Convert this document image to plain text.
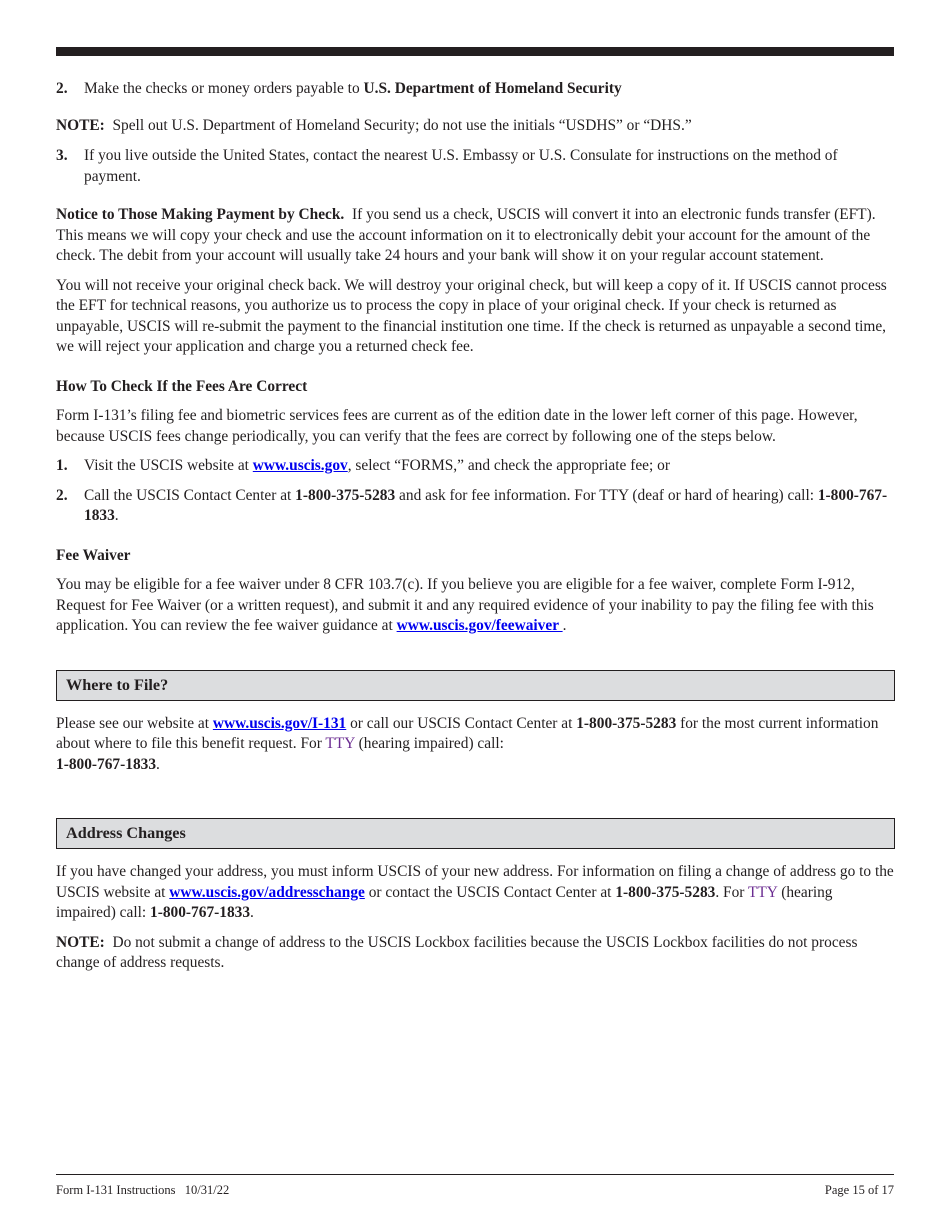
2.	Make the checks or money orders payable to U.S. Department of Homeland Security

NOTE: Spell out U.S. Department of Homeland Security; do not use the initials “USDHS” or “DHS.”

3.	If you live outside the United States, contact the nearest U.S. Embassy or U.S. Consulate for instructions on the method of payment.

Notice to Those Making Payment by Check. If you send us a check, USCIS will convert it into an electronic funds transfer (EFT). This means we will copy your check and use the account information on it to electronically debit your account for the amount of the check. The debit from your account will usually take 24 hours and your bank will show it on your regular account statement.

You will not receive your original check back. We will destroy your original check, but will keep a copy of it. If USCIS cannot process the EFT for technical reasons, you authorize us to process the copy in place of your original check. If your check is returned as unpayable, USCIS will re-submit the payment to the financial institution one time. If the check is returned as unpayable a second time, we will reject your application and charge you a returned check fee.

How To Check If the Fees Are Correct

Form I-131’s filing fee and biometric services fees are current as of the edition date in the lower left corner of this page. However, because USCIS fees change periodically, you can verify that the fees are correct by following one of the steps below.

1.	Visit the USCIS website at www.uscis.gov, select “FORMS,” and check the appropriate fee; or
2.	Call the USCIS Contact Center at 1-800-375-5283 and ask for fee information. For TTY (deaf or hard of hearing) call: 1-800-767-1833.

Fee Waiver

You may be eligible for a fee waiver under 8 CFR 103.7(c). If you believe you are eligible for a fee waiver, complete Form I-912, Request for Fee Waiver (or a written request), and submit it and any required evidence of your inability to pay the filing fee with this application. You can review the fee waiver guidance at www.uscis.gov/feewaiver .

Where to File?

Please see our website at www.uscis.gov/I-131 or call our USCIS Contact Center at 1-800-375-5283 for the most current information about where to file this benefit request. For TTY (hearing impaired) call:
1-800-767-1833.

Address Changes

If you have changed your address, you must inform USCIS of your new address. For information on filing a change of address go to the USCIS website at www.uscis.gov/addresschange or contact the USCIS Contact Center at 1-800-375-5283. For TTY (hearing impaired) call: 1-800-767-1833.

NOTE: Do not submit a change of address to the USCIS Lockbox facilities because the USCIS Lockbox facilities do not process change of address requests.

Form I-131 Instructions   10/31/22	Page 15 of 17
